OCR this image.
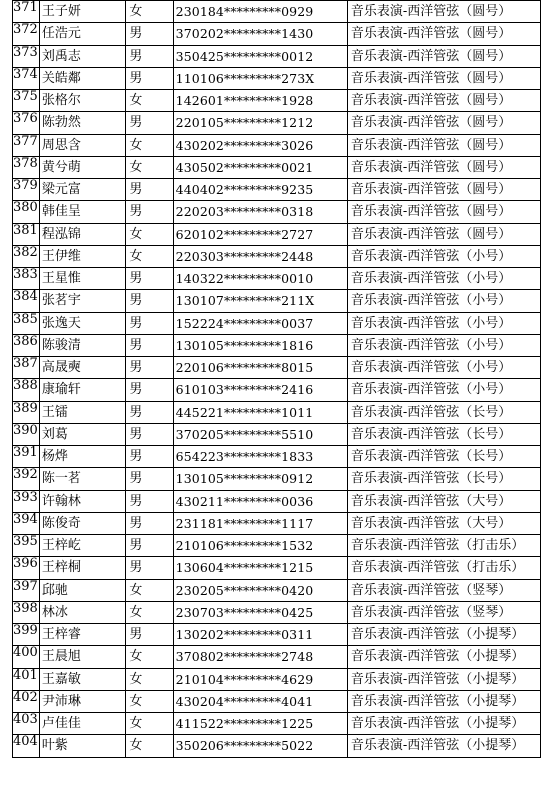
371	王子妍	女	230184*********0929	音乐表演-西洋管弦（圆号）
372	任浩元	男	370202*********1430	音乐表演-西洋管弦（圆号）
373	刘禹志	男	350425*********0012	音乐表演-西洋管弦（圆号）
374	关皓鄰	男	110106*********273X	音乐表演-西洋管弦（圆号）
375	张格尔	女	142601*********1928	音乐表演-西洋管弦（圆号）
376	陈勃然	男	220105*********1212	音乐表演-西洋管弦（圆号）
377	周思含	女	430202*********3026	音乐表演-西洋管弦（圆号）
378	黄兮萌	女	430502*********0021	音乐表演-西洋管弦（圆号）
379	梁元富	男	440402*********9235	音乐表演-西洋管弦（圆号）
380	韩佳呈	男	220203*********0318	音乐表演-西洋管弦（圆号）
381	程泓锦	女	620102*********2727	音乐表演-西洋管弦（圆号）
382	王伊维	女	220303*********2448	音乐表演-西洋管弦（小号）
383	王星惟	男	140322*********0010	音乐表演-西洋管弦（小号）
384	张茗宇	男	130107*********211X	音乐表演-西洋管弦（小号）
385	张逸天	男	152224*********0037	音乐表演-西洋管弦（小号）
386	陈骏清	男	130105*********1816	音乐表演-西洋管弦（小号）
387	高晟奭	男	220106*********8015	音乐表演-西洋管弦（小号）
388	康瑜轩	男	610103*********2416	音乐表演-西洋管弦（小号）
389	王镭	男	445221*********1011	音乐表演-西洋管弦（长号）
390	刘葛	男	370205*********5510	音乐表演-西洋管弦（长号）
391	杨烨	男	654223*********1833	音乐表演-西洋管弦（长号）
392	陈一茗	男	130105*********0912	音乐表演-西洋管弦（长号）
393	许翰林	男	430211*********0036	音乐表演-西洋管弦（大号）
394	陈俊奇	男	231181*********1117	音乐表演-西洋管弦（大号）
395	王梓屹	男	210106*********1532	音乐表演-西洋管弦（打击乐）
396	王梓桐	男	130604*********1215	音乐表演-西洋管弦（打击乐）
397	邱驰	女	230205*********0420	音乐表演-西洋管弦（竖琴）
398	林冰	女	230703*********0425	音乐表演-西洋管弦（竖琴）
399	王梓睿	男	130202*********0311	音乐表演-西洋管弦（小提琴）
400	王晨旭	女	370802*********2748	音乐表演-西洋管弦（小提琴）
401	王嘉敏	女	210104*********4629	音乐表演-西洋管弦（小提琴）
402	尹沛琳	女	430204*********4041	音乐表演-西洋管弦（小提琴）
403	卢佳佳	女	411522*********1225	音乐表演-西洋管弦（小提琴）
404	叶紫	女	350206*********5022	音乐表演-西洋管弦（小提琴）
